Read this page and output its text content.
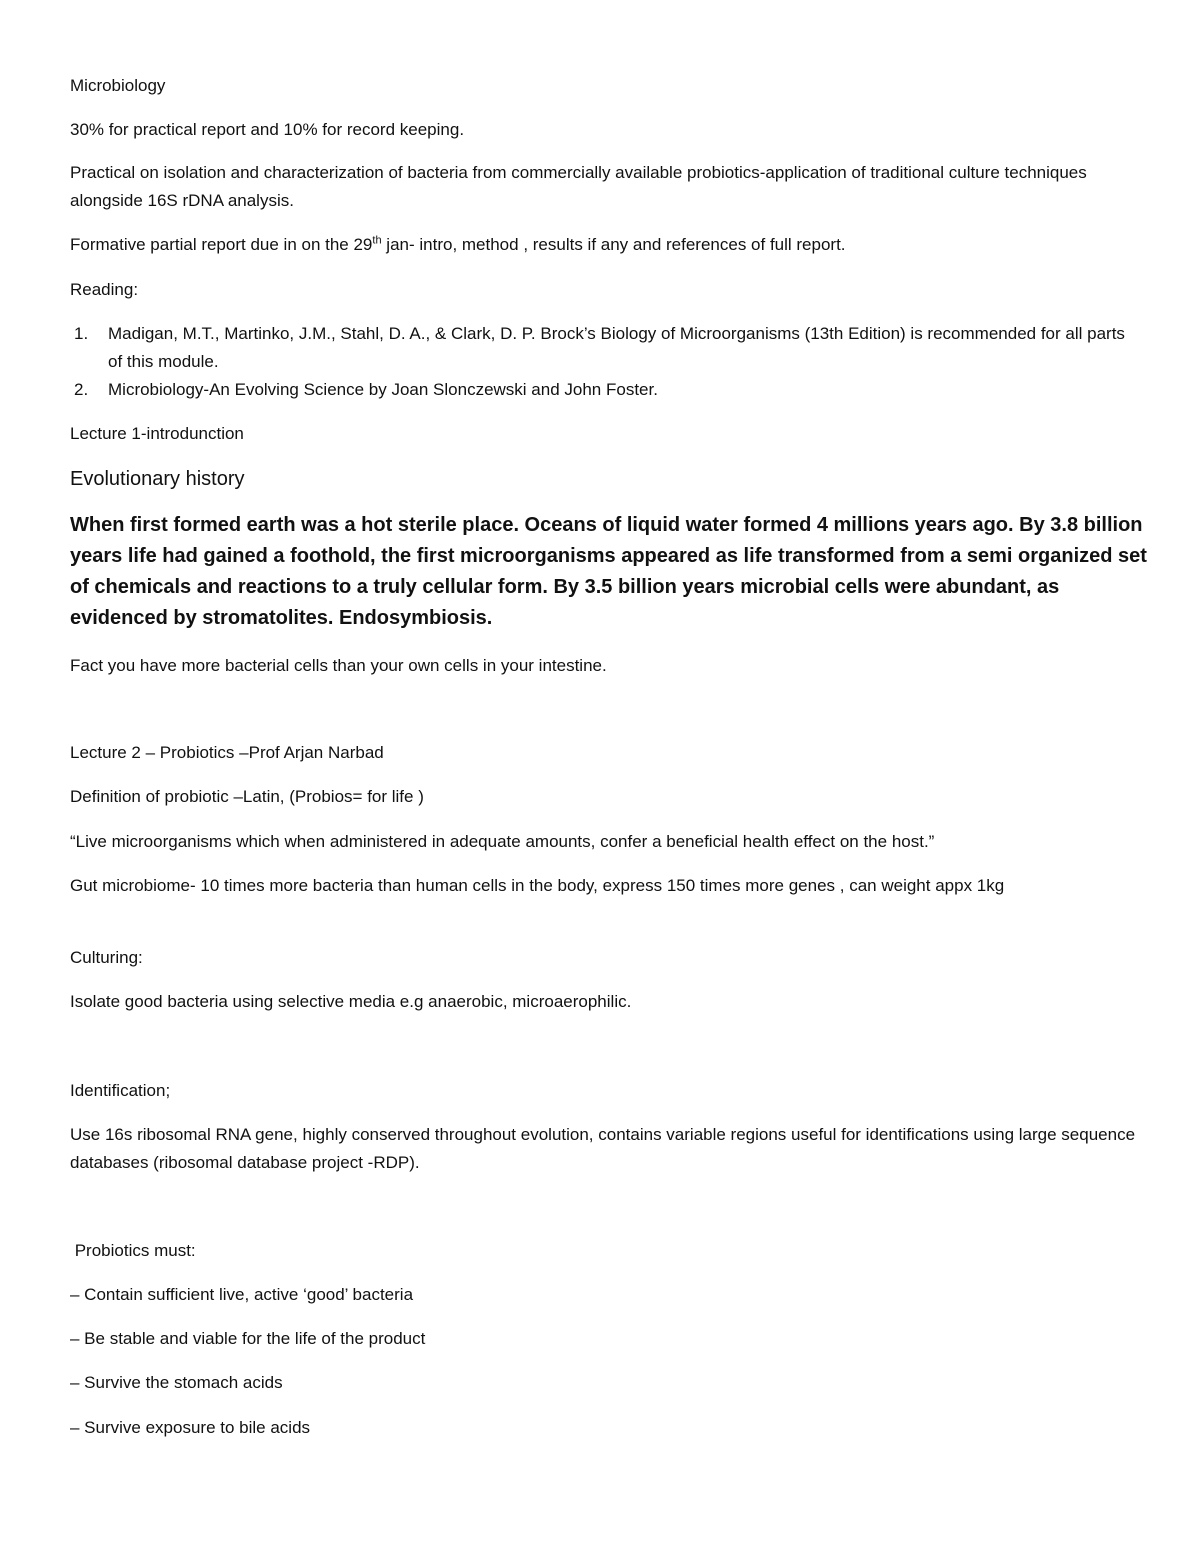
Microbiology
30% for practical report and 10% for record keeping.
Practical on isolation and characterization of bacteria from commercially available probiotics-application of traditional culture techniques alongside 16S rDNA analysis.
Formative partial report due in on the 29th jan- intro, method , results if any and references of full report.
Reading:
1. Madigan, M.T., Martinko, J.M., Stahl, D. A., & Clark, D. P. Brock’s Biology of Microorganisms (13th Edition) is recommended for all parts of this module.
2. Microbiology-An Evolving Science by Joan Slonczewski and John Foster.
Lecture 1-introdunction
Evolutionary history
When first formed earth was a hot sterile place. Oceans of liquid water formed 4 millions years ago. By 3.8 billion years life had gained a foothold, the first microorganisms appeared as life transformed from a semi organized set of chemicals and reactions to a truly cellular form. By 3.5 billion years microbial cells were abundant, as evidenced by stromatolites. Endosymbiosis.
Fact you have more bacterial cells than your own cells in your intestine.
Lecture 2 – Probiotics –Prof Arjan Narbad
Definition of probiotic –Latin, (Probios= for life )
“Live microorganisms which when administered in adequate amounts, confer a beneficial health effect on the host.”
Gut microbiome- 10 times more bacteria than human cells in the body, express 150 times more genes , can weight appx 1kg
Culturing:
Isolate good bacteria using selective media e.g anaerobic, microaerophilic.
Identification;
Use 16s ribosomal RNA gene, highly conserved throughout evolution, contains variable regions useful for identifications using large sequence databases (ribosomal database project -RDP).
Probiotics must:
– Contain sufficient live, active ‘good’ bacteria
– Be stable and viable for the life of the product
– Survive the stomach acids
– Survive exposure to bile acids
